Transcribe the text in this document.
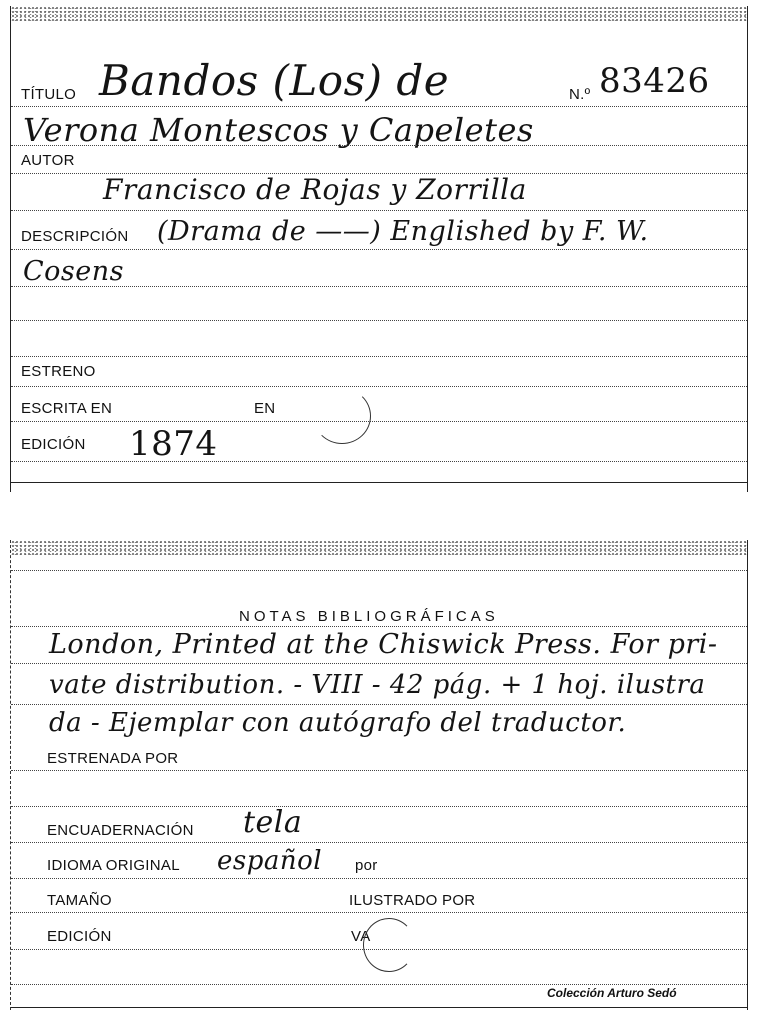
TÍTULO Bandos (Los) de	N.º 83426
Verona Montescos y Capeletes
AUTOR
Francisco de Rojas y Zorrilla
DESCRIPCIÓN (Drama de ——) Englished by F. W.
Cosens
ESTRENO
ESCRITA EN	EN
EDICIÓN 1874
NOTAS BIBLIOGRÁFICAS
London, Printed at the Chiswick Press. For pri-
vate distribution. - VIII - 42 pág. + 1 hoj. ilustra
da - Ejemplar con autógrafo del traductor.
ESTRENADA POR
ENCUADERNACIÓN tela
IDIOMA ORIGINAL español por
TAMAÑO	ILUSTRADO POR
EDICIÓN	VA
Colección Arturo Sedó
